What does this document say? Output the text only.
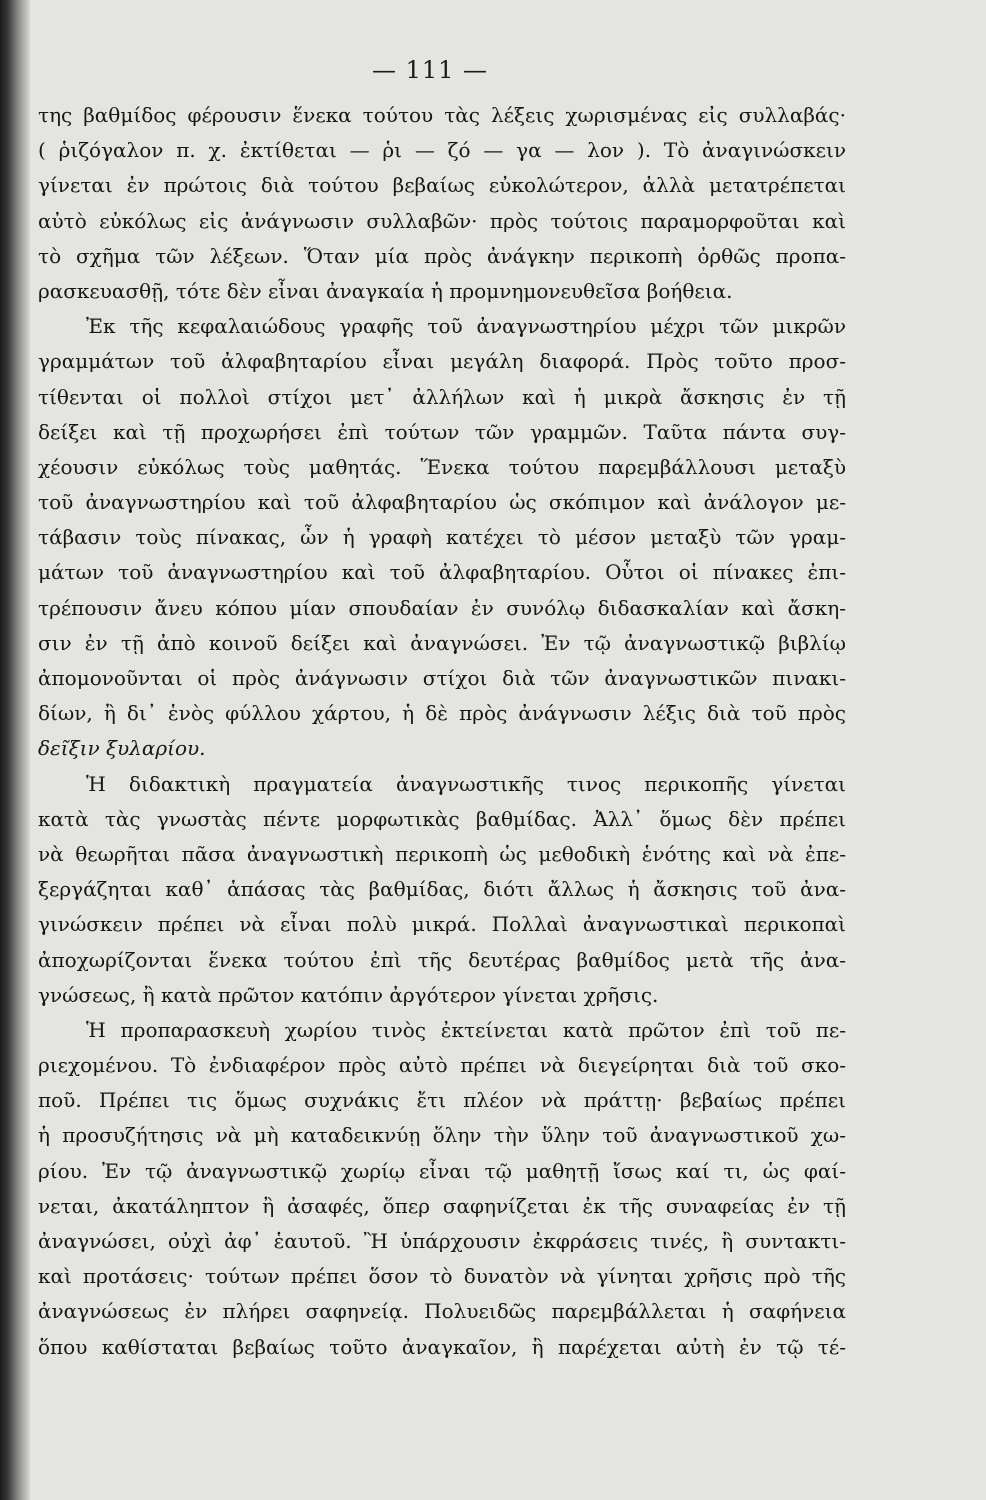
— 111 —
της βαθμίδος φέρουσιν ἕνεκα τούτου τὰς λέξεις χωρισμένας εἰς συλλαβάς·
( ῥιζόγαλον π. χ. ἐκτίθεται — ῥι — ζό — γα — λον ). Τὸ ἀναγινώσκειν
γίνεται ἐν πρώτοις διὰ τούτου βεβαίως εὐκολώτερον, ἀλλὰ μετατρέπεται
αὐτὸ εὐκόλως εἰς ἀνάγνωσιν συλλαβῶν· πρὸς τούτοις παραμορφοῦται καὶ
τὸ σχῆμα τῶν λέξεων. Ὅταν μία πρὸς ἀνάγκην περικοπὴ ὀρθῶς προπα-
ρασκευασθῇ, τότε δὲν εἶναι ἀναγκαία ἡ προμνημονευθεῖσα βοήθεια.
Ἐκ τῆς κεφαλαιώδους γραφῆς τοῦ ἀναγνωστηρίου μέχρι τῶν μικρῶν
γραμμάτων τοῦ ἀλφαβηταρίου εἶναι μεγάλη διαφορά. Πρὸς τοῦτο προσ-
τίθενται οἱ πολλοὶ στίχοι μετ᾽ ἀλλήλων καὶ ἡ μικρὰ ἄσκησις ἐν τῇ
δείξει καὶ τῇ προχωρήσει ἐπὶ τούτων τῶν γραμμῶν. Ταῦτα πάντα συγ-
χέουσιν εὐκόλως τοὺς μαθητάς. Ἕνεκα τούτου παρεμβάλλουσι μεταξὺ
τοῦ ἀναγνωστηρίου καὶ τοῦ ἀλφαβηταρίου ὡς σκόπιμον καὶ ἀνάλογον με-
τάβασιν τοὺς πίνακας, ὧν ἡ γραφὴ κατέχει τὸ μέσον μεταξὺ τῶν γραμ-
μάτων τοῦ ἀναγνωστηρίου καὶ τοῦ ἀλφαβηταρίου. Οὗτοι οἱ πίνακες ἐπι-
τρέπουσιν ἄνευ κόπου μίαν σπουδαίαν ἐν συνόλῳ διδασκαλίαν καὶ ἄσκη-
σιν ἐν τῇ ἀπὸ κοινοῦ δείξει καὶ ἀναγνώσει. Ἐν τῷ ἀναγνωστικῷ βιβλίῳ
ἀπομονοῦνται οἱ πρὸς ἀνάγνωσιν στίχοι διὰ τῶν ἀναγνωστικῶν πινακι-
δίων, ἢ δι᾽ ἑνὸς φύλλου χάρτου, ἡ δὲ πρὸς ἀνάγνωσιν λέξις διὰ τοῦ πρὸς
δεῖξιν ξυλαρίου.
Ἡ διδακτικὴ πραγματεία ἀναγνωστικῆς τινος περικοπῆς γίνεται
κατὰ τὰς γνωστὰς πέντε μορφωτικὰς βαθμίδας. Ἀλλ᾽ ὅμως δὲν πρέπει
νὰ θεωρῆται πᾶσα ἀναγνωστικὴ περικοπὴ ὡς μεθοδικὴ ἑνότης καὶ νὰ ἐπε-
ξεργάζηται καθ᾽ ἁπάσας τὰς βαθμίδας, διότι ἄλλως ἡ ἄσκησις τοῦ ἀνα-
γινώσκειν πρέπει νὰ εἶναι πολὺ μικρά. Πολλαὶ ἀναγνωστικαὶ περικοπαὶ
ἀποχωρίζονται ἕνεκα τούτου ἐπὶ τῆς δευτέρας βαθμίδος μετὰ τῆς ἀνα-
γνώσεως, ἢ κατὰ πρῶτον κατόπιν ἀργότερον γίνεται χρῆσις.
Ἡ προπαρασκευὴ χωρίου τινὸς ἐκτείνεται κατὰ πρῶτον ἐπὶ τοῦ πε-
ριεχομένου. Τὸ ἐνδιαφέρον πρὸς αὐτὸ πρέπει νὰ διεγείρηται διὰ τοῦ σκο-
ποῦ. Πρέπει τις ὅμως συχνάκις ἔτι πλέον νὰ πράττῃ· βεβαίως πρέπει
ἡ προσυζήτησις νὰ μὴ καταδεικνύῃ ὅλην τὴν ὕλην τοῦ ἀναγνωστικοῦ χω-
ρίου. Ἐν τῷ ἀναγνωστικῷ χωρίῳ εἶναι τῷ μαθητῇ ἴσως καί τι, ὡς φαί-
νεται, ἀκατάληπτον ἢ ἀσαφές, ὅπερ σαφηνίζεται ἐκ τῆς συναφείας ἐν τῇ
ἀναγνώσει, οὐχὶ ἀφ᾽ ἑαυτοῦ. Ἢ ὑπάρχουσιν ἐκφράσεις τινές, ἢ συντακτι-
καὶ προτάσεις· τούτων πρέπει ὅσον τὸ δυνατὸν νὰ γίνηται χρῆσις πρὸ τῆς
ἀναγνώσεως ἐν πλήρει σαφηνείᾳ. Πολυειδῶς παρεμβάλλεται ἡ σαφήνεια
ὅπου καθίσταται βεβαίως τοῦτο ἀναγκαῖον, ἢ παρέχεται αὐτὴ ἐν τῷ τέ-
